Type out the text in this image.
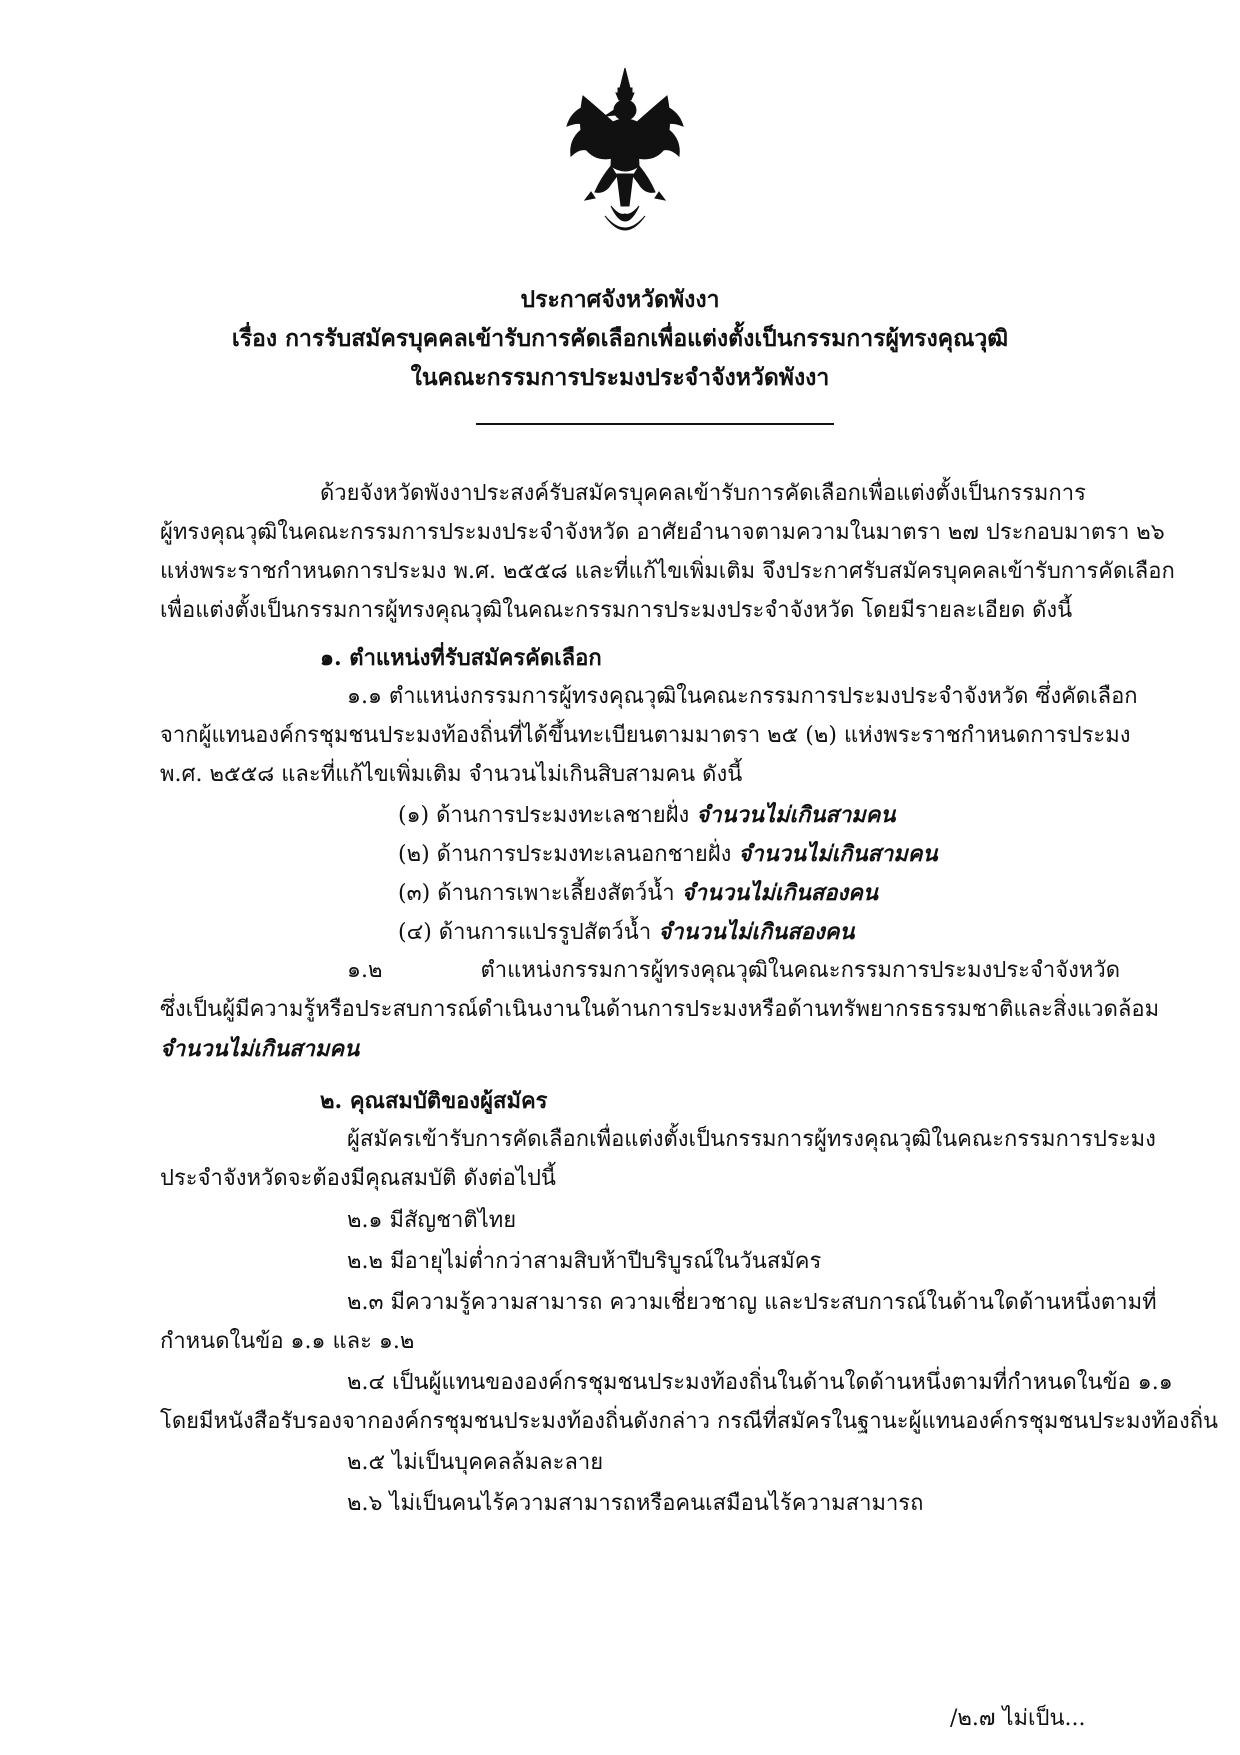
ประกาศจังหวัดพังงา
เรื่อง การรับสมัครบุคคลเข้ารับการคัดเลือกเพื่อแต่งตั้งเป็นกรรมการผู้ทรงคุณวุฒิ
ในคณะกรรมการประมงประจำจังหวัดพังงา
ด้วยจังหวัดพังงาประสงค์รับสมัครบุคคลเข้ารับการคัดเลือกเพื่อแต่งตั้งเป็นกรรมการ
ผู้ทรงคุณวุฒิในคณะกรรมการประมงประจำจังหวัด อาศัยอำนาจตามความในมาตรา ๒๗ ประกอบมาตรา ๒๖
แห่งพระราชกำหนดการประมง พ.ศ. ๒๕๕๘ และที่แก้ไขเพิ่มเติม จึงประกาศรับสมัครบุคคลเข้ารับการคัดเลือก
เพื่อแต่งตั้งเป็นกรรมการผู้ทรงคุณวุฒิในคณะกรรมการประมงประจำจังหวัด โดยมีรายละเอียด ดังนี้
๑. ตำแหน่งที่รับสมัครคัดเลือก
๑.๑ ตำแหน่งกรรมการผู้ทรงคุณวุฒิในคณะกรรมการประมงประจำจังหวัด ซึ่งคัดเลือก
จากผู้แทนองค์กรชุมชนประมงท้องถิ่นที่ได้ขึ้นทะเบียนตามมาตรา ๒๕ (๒) แห่งพระราชกำหนดการประมง
พ.ศ. ๒๕๕๘ และที่แก้ไขเพิ่มเติม จำนวนไม่เกินสิบสามคน ดังนี้
(๑) ด้านการประมงทะเลชายฝั่ง จำนวนไม่เกินสามคน
(๒) ด้านการประมงทะเลนอกชายฝั่ง จำนวนไม่เกินสามคน
(๓) ด้านการเพาะเลี้ยงสัตว์น้ำ จำนวนไม่เกินสองคน
(๔) ด้านการแปรรูปสัตว์น้ำ จำนวนไม่เกินสองคน
๑.๒ ตำแหน่งกรรมการผู้ทรงคุณวุฒิในคณะกรรมการประมงประจำจังหวัด
ซึ่งเป็นผู้มีความรู้หรือประสบการณ์ดำเนินงานในด้านการประมงหรือด้านทรัพยากรธรรมชาติและสิ่งแวดล้อม
จำนวนไม่เกินสามคน
๒. คุณสมบัติของผู้สมัคร
ผู้สมัครเข้ารับการคัดเลือกเพื่อแต่งตั้งเป็นกรรมการผู้ทรงคุณวุฒิในคณะกรรมการประมง
ประจำจังหวัดจะต้องมีคุณสมบัติ ดังต่อไปนี้
๒.๑ มีสัญชาติไทย
๒.๒ มีอายุไม่ต่ำกว่าสามสิบห้าปีบริบูรณ์ในวันสมัคร
๒.๓ มีความรู้ความสามารถ ความเชี่ยวชาญ และประสบการณ์ในด้านใดด้านหนึ่งตามที่
กำหนดในข้อ ๑.๑ และ ๑.๒
๒.๔ เป็นผู้แทนขององค์กรชุมชนประมงท้องถิ่นในด้านใดด้านหนึ่งตามที่กำหนดในข้อ ๑.๑
โดยมีหนังสือรับรองจากองค์กรชุมชนประมงท้องถิ่นดังกล่าว กรณีที่สมัครในฐานะผู้แทนองค์กรชุมชนประมงท้องถิ่น
๒.๕ ไม่เป็นบุคคลล้มละลาย
๒.๖ ไม่เป็นคนไร้ความสามารถหรือคนเสมือนไร้ความสามารถ
/๒.๗ ไม่เป็น...
